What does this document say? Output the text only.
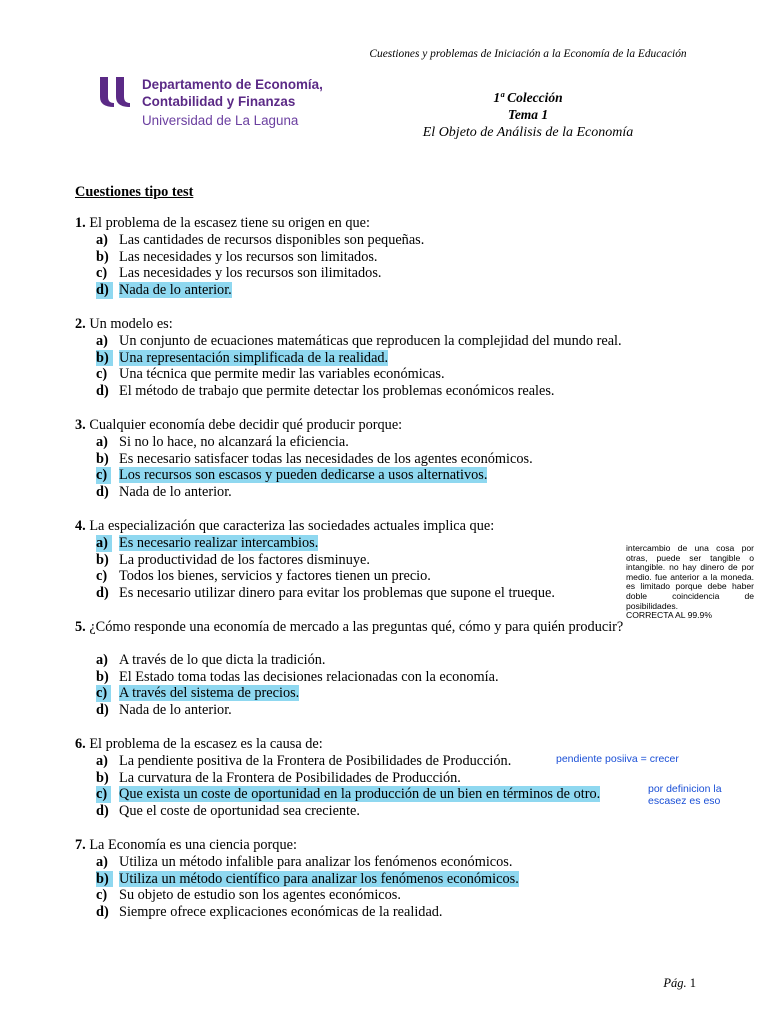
Departamento de Economía,
Contabilidad y Finanzas
Universidad de La Laguna
Cuestiones y problemas de Iniciación a la Economía de la Educación
1ª Colección
Tema 1
El Objeto de Análisis de la Economía
Cuestiones tipo test
1. El problema de la escasez tiene su origen en que:
a) Las cantidades de recursos disponibles son pequeñas.
b) Las necesidades y los recursos son limitados.
c) Las necesidades y los recursos son ilimitados.
d) Nada de lo anterior.
2. Un modelo es:
a) Un conjunto de ecuaciones matemáticas que reproducen la complejidad del mundo real.
b) Una representación simplificada de la realidad.
c) Una técnica que permite medir las variables económicas.
d) El método de trabajo que permite detectar los problemas económicos reales.
3. Cualquier economía debe decidir qué producir porque:
a) Si no lo hace, no alcanzará la eficiencia.
b) Es necesario satisfacer todas las necesidades de los agentes económicos.
c) Los recursos son escasos y pueden dedicarse a usos alternativos.
d) Nada de lo anterior.
4. La especialización que caracteriza las sociedades actuales implica que:
a) Es necesario realizar intercambios.
b) La productividad de los factores disminuye.
c) Todos los bienes, servicios y factores tienen un precio.
d) Es necesario utilizar dinero para evitar los problemas que supone el trueque.
intercambio de una cosa por otras, puede ser tangible o intangible. no hay dinero de por medio. fue anterior a la moneda. es limitado porque debe haber doble coincidencia de posibilidades.
CORRECTA AL 99.9%
5. ¿Cómo responde una economía de mercado a las preguntas qué, cómo y para quién producir?
a) A través de lo que dicta la tradición.
b) El Estado toma todas las decisiones relacionadas con la economía.
c) A través del sistema de precios.
d) Nada de lo anterior.
6. El problema de la escasez es la causa de:
a) La pendiente positiva de la Frontera de Posibilidades de Producción.
b) La curvatura de la Frontera de Posibilidades de Producción.
c) Que exista un coste de oportunidad en la producción de un bien en términos de otro.
d) Que el coste de oportunidad sea creciente.
pendiente posiiva = crecer
por definicion la
escasez es eso
7. La Economía es una ciencia porque:
a) Utiliza un método infalible para analizar los fenómenos económicos.
b) Utiliza un método científico para analizar los fenómenos económicos.
c) Su objeto de estudio son los agentes económicos.
d) Siempre ofrece explicaciones económicas de la realidad.
Pág. 1
